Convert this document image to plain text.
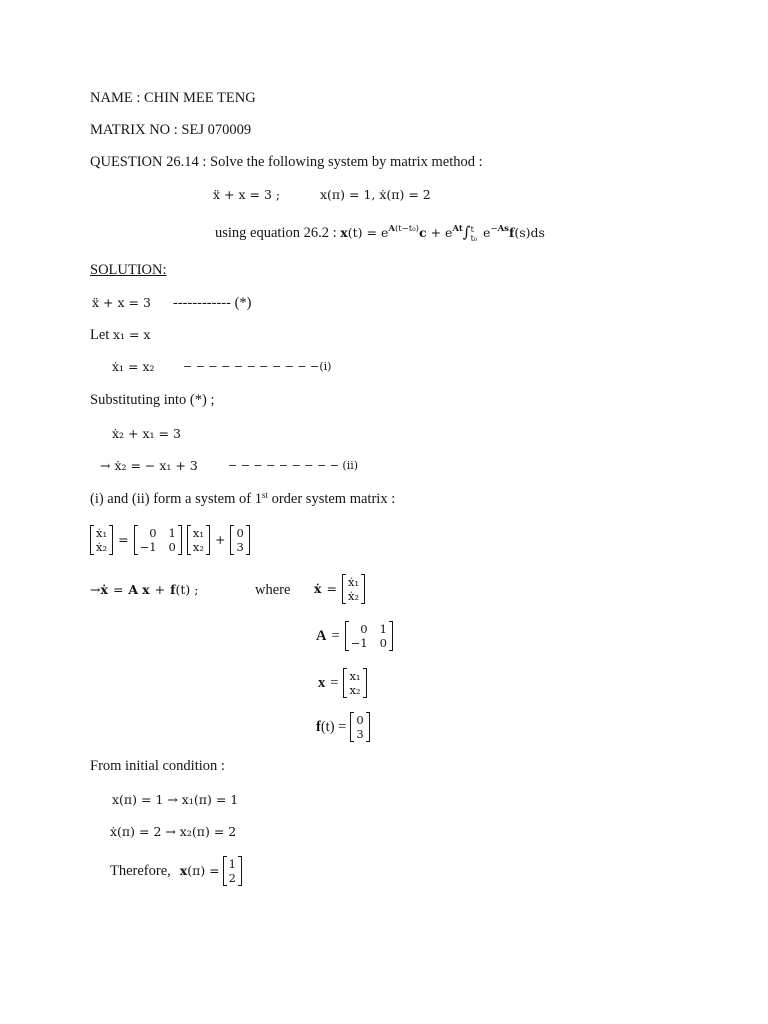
NAME : CHIN MEE TENG
MATRIX NO : SEJ 070009
QUESTION 26.14 : Solve the following system by matrix method :
ẍ + x = 3 ;	x(π) = 1, ẋ(π) = 2
using equation 26.2 : $x(t) = e^{A(t-t_0)}c + e^{At}\int$ t
t₀ $e^{-As}f(s)ds$
SOLUTION:
ẍ + x = 3 ------------ (*)
Let x₁ = x
ẋ₁ = x₂	− − − − − − − − − − −(i)
Substituting into (*) ;
ẋ₂ + x₁ = 3
→ ẋ₂ = − x₁ + 3	− − − − − − − − − (ii)
(i) and (ii) form a system of 1st order system matrix :
ẋ₁
ẋ₂ =	0 1
−1 0
x₁
x₂ + 0
3
→ ẋ = A x + f (t) ;	where ẋ = ẋ₁
ẋ₂
A =	0 1
−1 0
x = x₁
x₂
f (t) = 0
3
From initial condition :
x(π) = 1 → x₁(π) = 1
ẋ(π) = 2 → x₂(π) = 2
Therefore, x (π) = 1
2
